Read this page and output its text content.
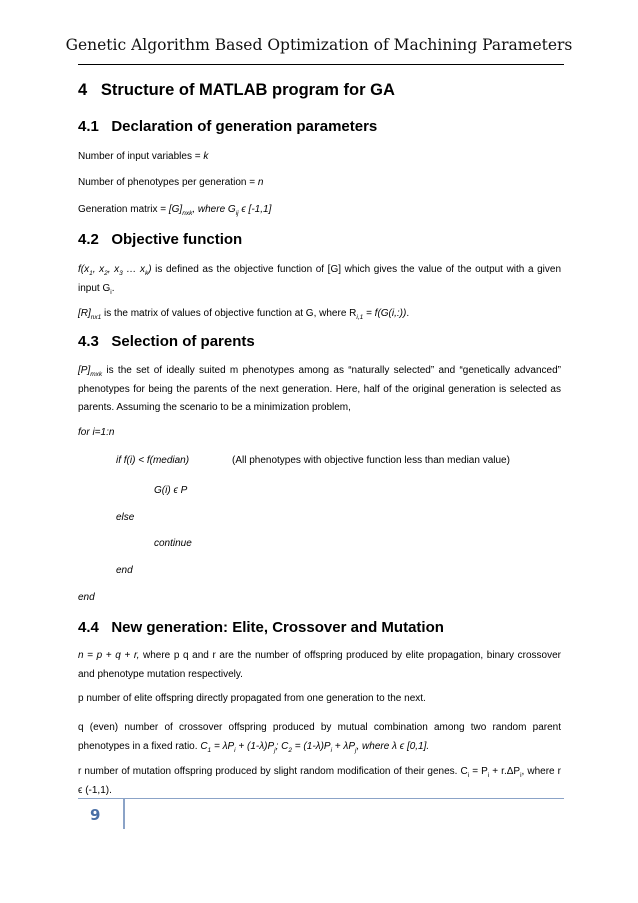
Genetic Algorithm Based Optimization of Machining Parameters
4   Structure of MATLAB program for GA
4.1   Declaration of generation parameters
Number of input variables = k
Number of phenotypes per generation = n
Generation matrix = $[G]_{nxk}$, where $G_{ij}$ ϵ [-1,1]
4.2   Objective function
$f(x_1$, $x_2$, $x_3$ … $x_k$) is defined as the objective function of [G] which gives the value of the output with a given input $G_i$.
$[R]_{nx1}$ is the matrix of values of objective function at G, where $R_{i,1}$ = f(G(i,:)).
4.3   Selection of parents
$[P]_{mxk}$ is the set of ideally suited m phenotypes among as “naturally selected” and “genetically advanced” phenotypes for being the parents of the next generation. Here, half of the original generation is selected as parents. Assuming the scenario to be a minimization problem,
for i=1:n
if f(i) < f(median)	(All phenotypes with objective function less than median value)
G(i) ϵ P
else
continue
end
end
4.4   New generation: Elite, Crossover and Mutation
n = p + q + r, where p q and r are the number of offspring produced by elite propagation, binary crossover and phenotype mutation respectively.
p number of elite offspring directly propagated from one generation to the next.
q (even) number of crossover offspring produced by mutual combination among two random parent phenotypes in a fixed ratio. $C_1 = \lambda P_i + (1-\lambda)P_j$; $C_2 = (1-\lambda)P_i + \lambda P_j$, where λ ϵ [0,1].
r number of mutation offspring produced by slight random modification of their genes. $C_i = P_i + r.\Delta P_i$, where r ϵ (-1,1).
9
